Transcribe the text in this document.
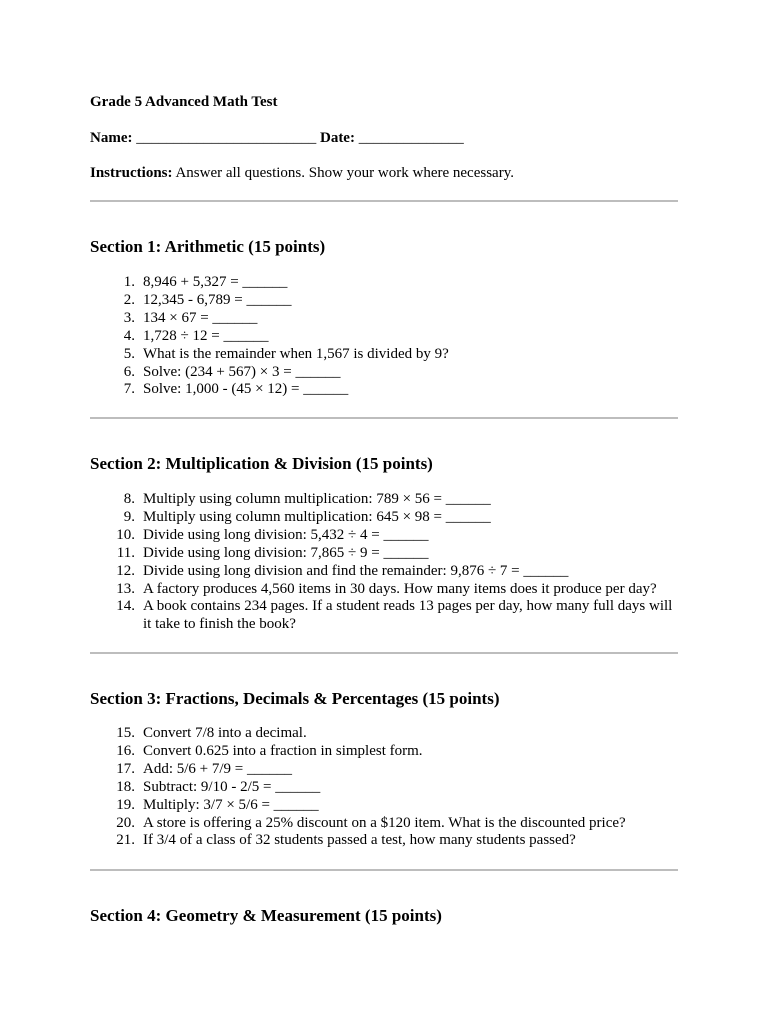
Grade 5 Advanced Math Test
Name: ________________________ Date: ______________
Instructions: Answer all questions. Show your work where necessary.
Section 1: Arithmetic (15 points)
1. 8,946 + 5,327 = ______
2. 12,345 - 6,789 = ______
3. 134 × 67 = ______
4. 1,728 ÷ 12 = ______
5. What is the remainder when 1,567 is divided by 9?
6. Solve: (234 + 567) × 3 = ______
7. Solve: 1,000 - (45 × 12) = ______
Section 2: Multiplication & Division (15 points)
8. Multiply using column multiplication: 789 × 56 = ______
9. Multiply using column multiplication: 645 × 98 = ______
10. Divide using long division: 5,432 ÷ 4 = ______
11. Divide using long division: 7,865 ÷ 9 = ______
12. Divide using long division and find the remainder: 9,876 ÷ 7 = ______
13. A factory produces 4,560 items in 30 days. How many items does it produce per day?
14. A book contains 234 pages. If a student reads 13 pages per day, how many full days will it take to finish the book?
Section 3: Fractions, Decimals & Percentages (15 points)
15. Convert 7/8 into a decimal.
16. Convert 0.625 into a fraction in simplest form.
17. Add: 5/6 + 7/9 = ______
18. Subtract: 9/10 - 2/5 = ______
19. Multiply: 3/7 × 5/6 = ______
20. A store is offering a 25% discount on a $120 item. What is the discounted price?
21. If 3/4 of a class of 32 students passed a test, how many students passed?
Section 4: Geometry & Measurement (15 points)
